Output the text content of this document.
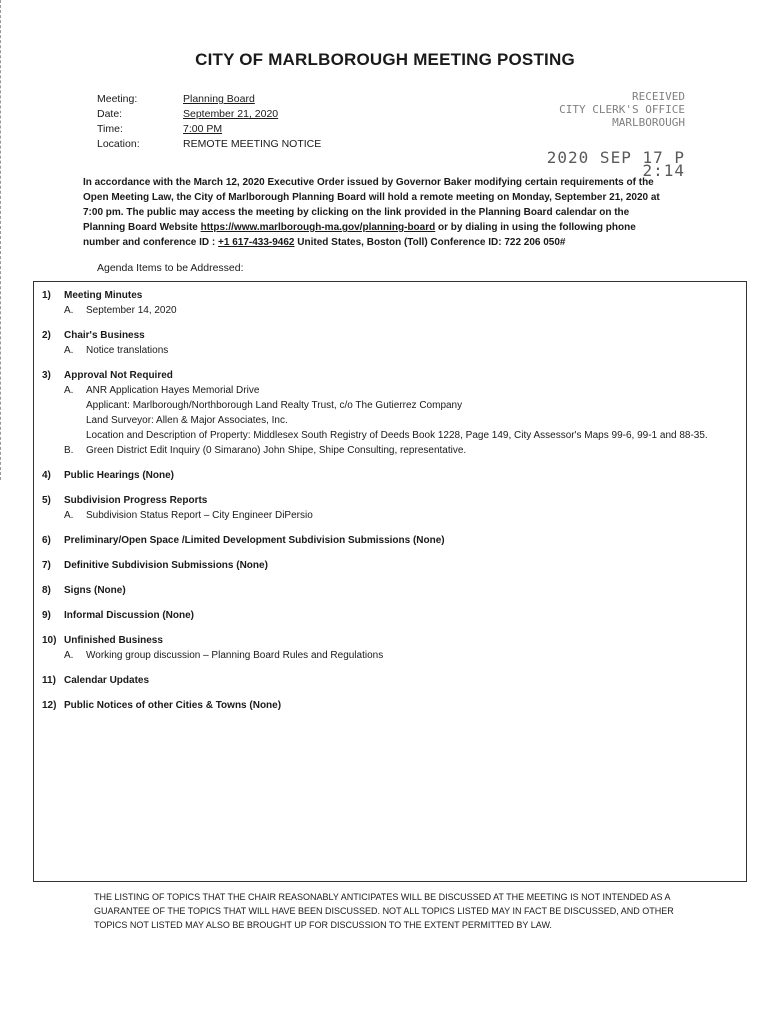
CITY OF MARLBOROUGH MEETING POSTING
Meeting:	Planning Board
Date:	September 21, 2020
Time:	7:00 PM
Location:	REMOTE MEETING NOTICE
RECEIVED
CITY CLERK'S OFFICE
MARLBOROUGH
2020 SEP 17 P 2:14
In accordance with the March 12, 2020 Executive Order issued by Governor Baker modifying certain requirements of the Open Meeting Law, the City of Marlborough Planning Board will hold a remote meeting on Monday, September 21, 2020 at 7:00 pm. The public may access the meeting by clicking on the link provided in the Planning Board calendar on the Planning Board Website https://www.marlborough-ma.gov/planning-board or by dialing in using the following phone number and conference ID : +1 617-433-9462 United States, Boston (Toll) Conference ID: 722 206 050#
Agenda Items to be Addressed:
1)	Meeting Minutes
A.	September 14, 2020
2)	Chair's Business
A.	Notice translations
3)	Approval Not Required
A.	ANR Application Hayes Memorial Drive
Applicant: Marlborough/Northborough Land Realty Trust, c/o The Gutierrez Company
Land Surveyor: Allen & Major Associates, Inc.
Location and Description of Property: Middlesex South Registry of Deeds Book 1228, Page 149, City Assessor's Maps 99-6, 99-1 and 88-35.
B.	Green District Edit Inquiry (0 Simarano) John Shipe, Shipe Consulting, representative.
4)	Public Hearings (None)
5)	Subdivision Progress Reports
A.	Subdivision Status Report – City Engineer DiPersio
6)	Preliminary/Open Space /Limited Development Subdivision Submissions (None)
7)	Definitive Subdivision Submissions (None)
8)	Signs (None)
9)	Informal Discussion (None)
10) Unfinished Business
A.	Working group discussion – Planning Board Rules and Regulations
11) Calendar Updates
12) Public Notices of other Cities & Towns (None)
THE LISTING OF TOPICS THAT THE CHAIR REASONABLY ANTICIPATES WILL BE DISCUSSED AT THE MEETING IS NOT INTENDED AS A GUARANTEE OF THE TOPICS THAT WILL HAVE BEEN DISCUSSED. NOT ALL TOPICS LISTED MAY IN FACT BE DISCUSSED, AND OTHER TOPICS NOT LISTED MAY ALSO BE BROUGHT UP FOR DISCUSSION TO THE EXTENT PERMITTED BY LAW.
